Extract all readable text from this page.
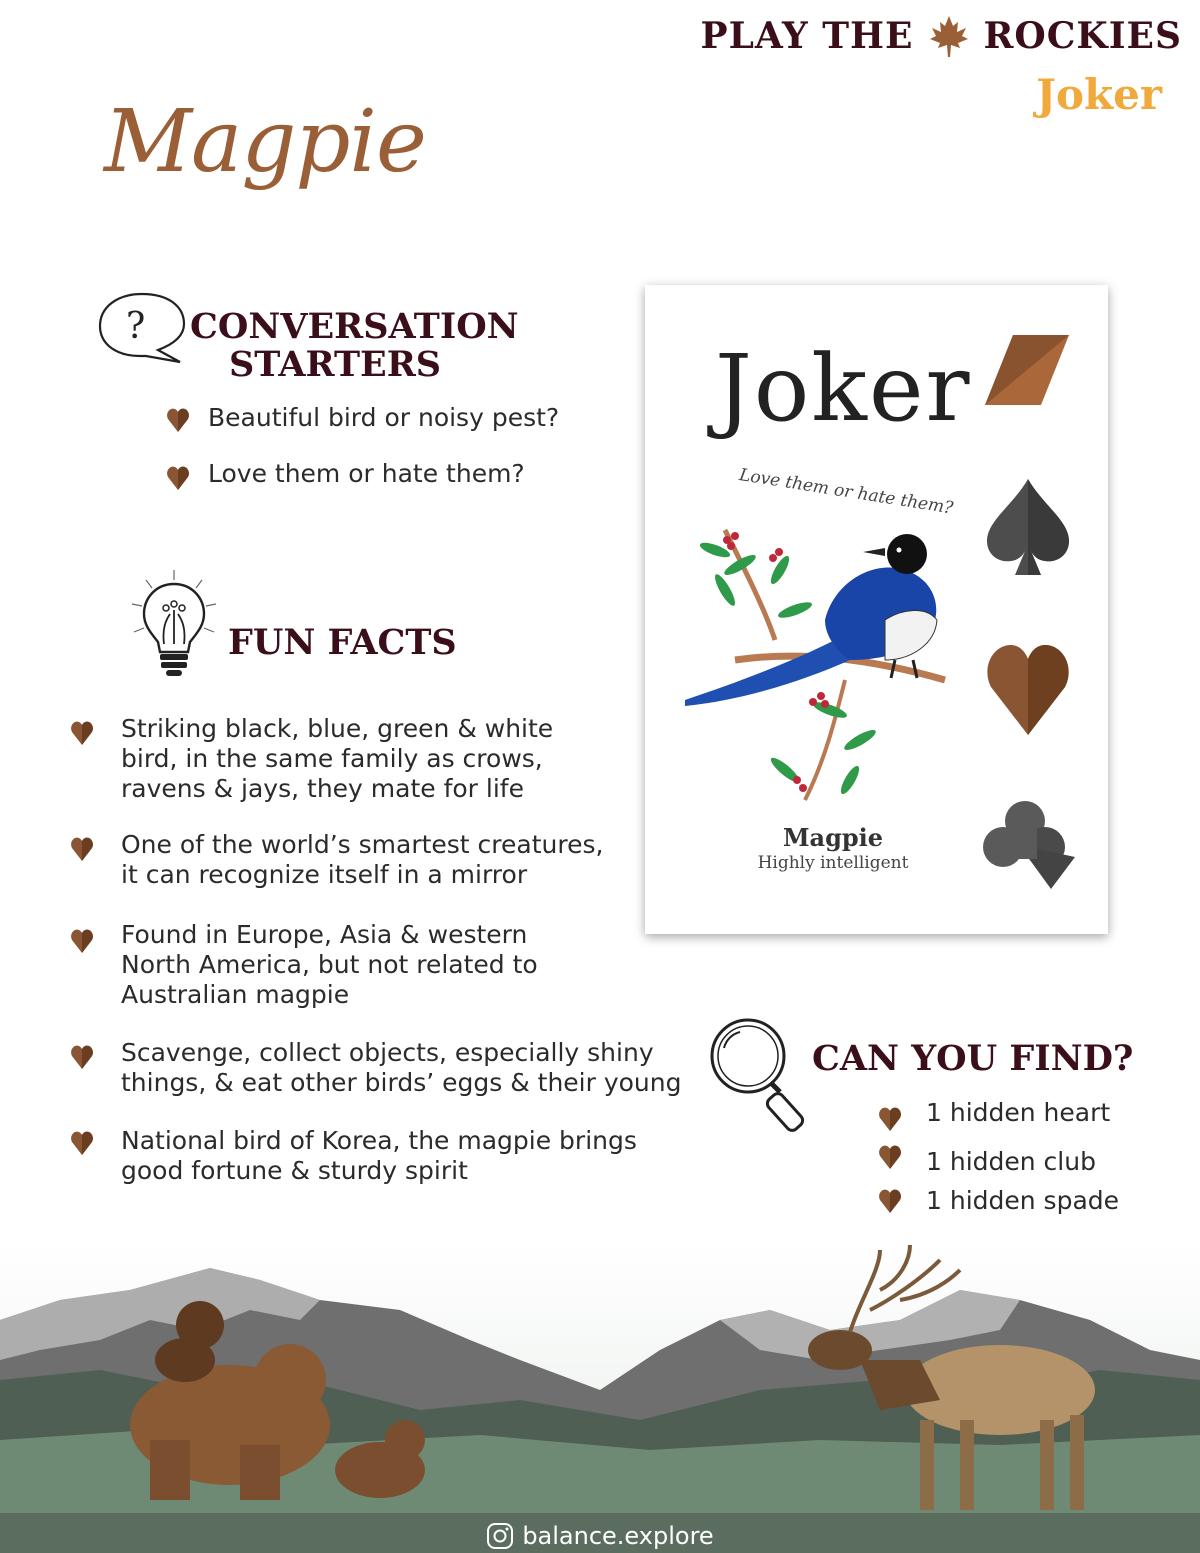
PLAY THE ROCKIES
Joker
Magpie
? CONVERSATION
STARTERS
Beautiful bird or noisy pest?
Love them or hate them?
FUN FACTS
Striking black, blue, green & white
bird, in the same family as crows,
ravens & jays, they mate for life
One of the world’s smartest creatures,
it can recognize itself in a mirror
Found in Europe, Asia & western
North America, but not related to
Australian magpie
Scavenge, collect objects, especially shiny
things, & eat other birds’ eggs & their young
National bird of Korea, the magpie brings
good fortune & sturdy spirit
Joker
Love them or hate them?
Magpie
Highly intelligent
CAN YOU FIND?
1 hidden heart
1 hidden club
1 hidden spade
balance.explore
